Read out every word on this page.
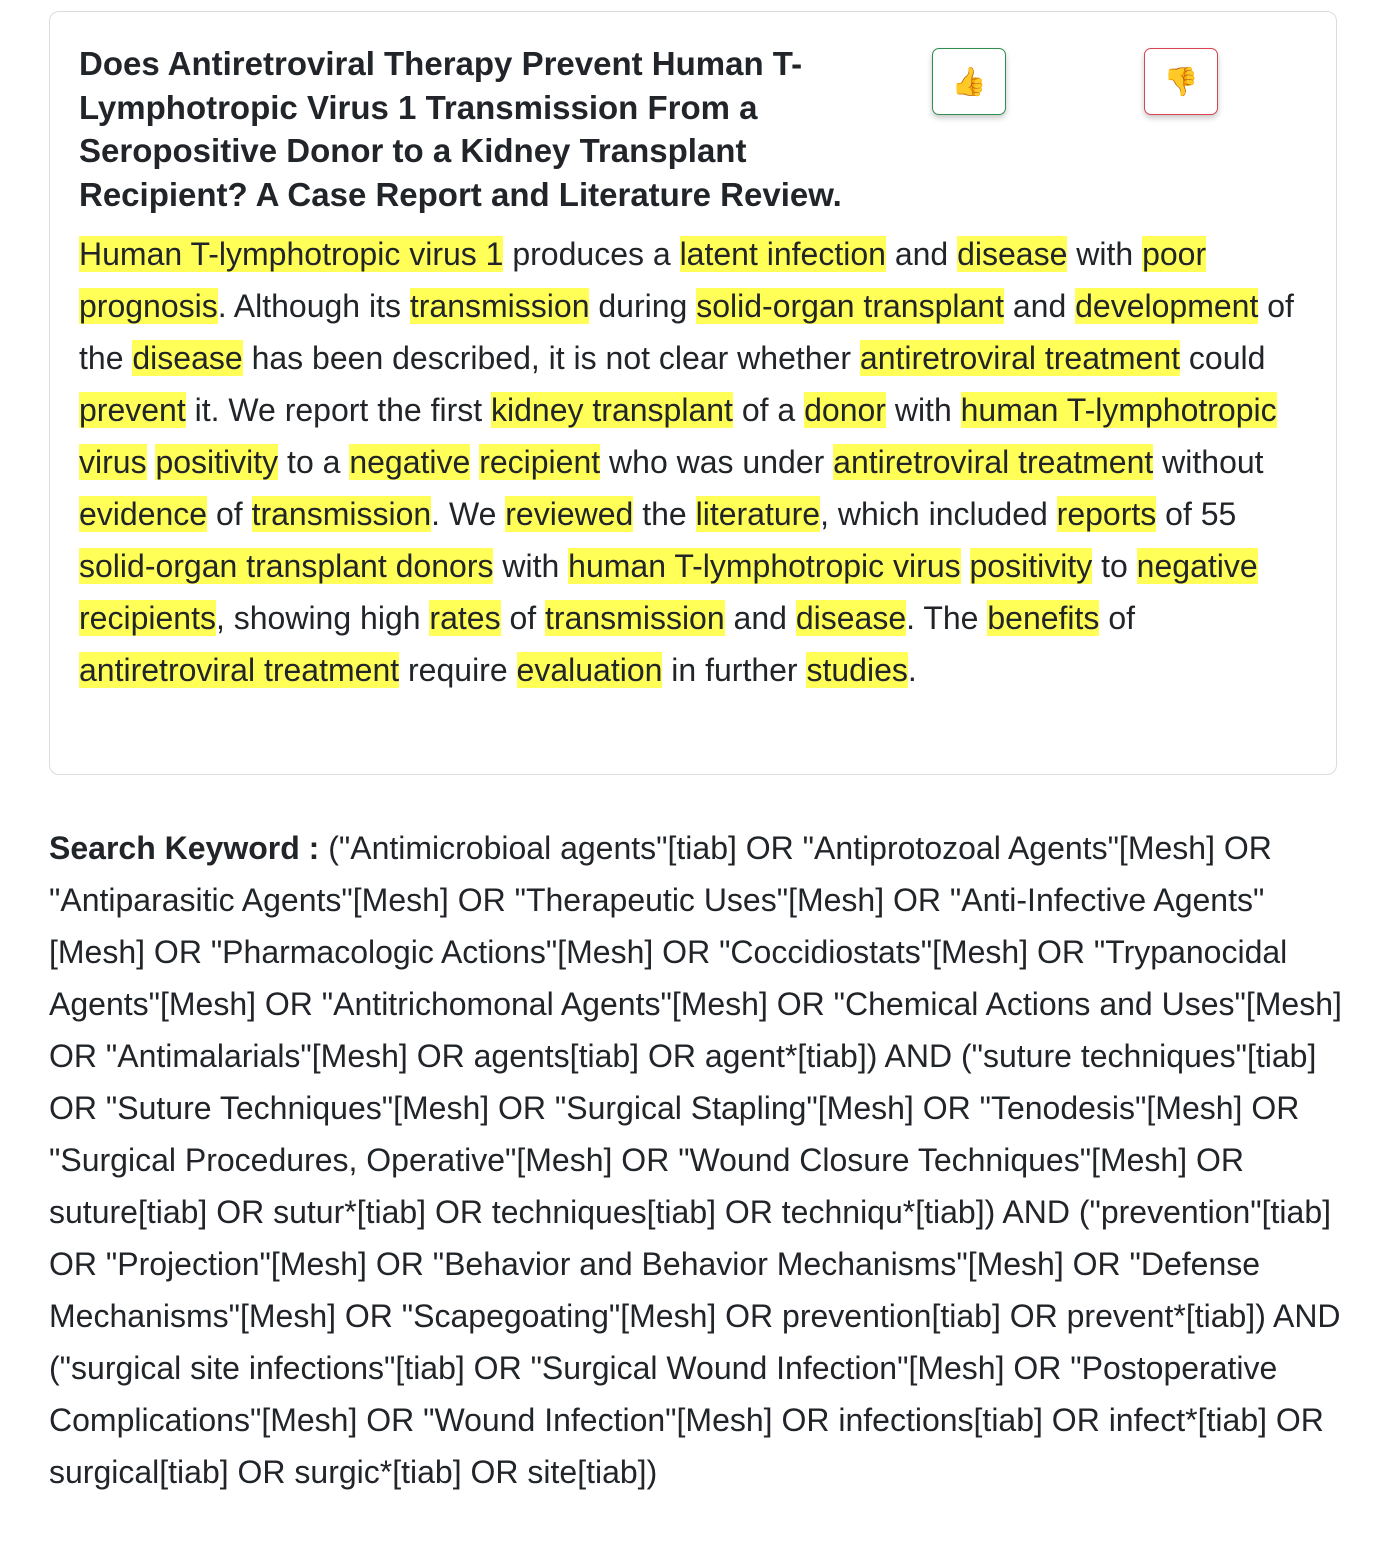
Does Antiretroviral Therapy Prevent Human T-Lymphotropic Virus 1 Transmission From a Seropositive Donor to a Kidney Transplant Recipient? A Case Report and Literature Review.
👍	👎

Human T-lymphotropic virus 1 produces a latent infection and disease with poor prognosis. Although its transmission during solid-organ transplant and development of the disease has been described, it is not clear whether antiretroviral treatment could prevent it. We report the first kidney transplant of a donor with human T-lymphotropic virus positivity to a negative recipient who was under antiretroviral treatment without evidence of transmission. We reviewed the literature, which included reports of 55 solid-organ transplant donors with human T-lymphotropic virus positivity to negative recipients, showing high rates of transmission and disease. The benefits of antiretroviral treatment require evaluation in further studies.

Search Keyword : ("Antimicrobioal agents"[tiab] OR "Antiprotozoal Agents"[Mesh] OR "Antiparasitic Agents"[Mesh] OR "Therapeutic Uses"[Mesh] OR "Anti-Infective Agents"[Mesh] OR "Pharmacologic Actions"[Mesh] OR "Coccidiostats"[Mesh] OR "Trypanocidal Agents"[Mesh] OR "Antitrichomonal Agents"[Mesh] OR "Chemical Actions and Uses"[Mesh] OR "Antimalarials"[Mesh] OR agents[tiab] OR agent*[tiab]) AND ("suture techniques"[tiab] OR "Suture Techniques"[Mesh] OR "Surgical Stapling"[Mesh] OR "Tenodesis"[Mesh] OR "Surgical Procedures, Operative"[Mesh] OR "Wound Closure Techniques"[Mesh] OR suture[tiab] OR sutur*[tiab] OR techniques[tiab] OR techniqu*[tiab]) AND ("prevention"[tiab] OR "Projection"[Mesh] OR "Behavior and Behavior Mechanisms"[Mesh] OR "Defense Mechanisms"[Mesh] OR "Scapegoating"[Mesh] OR prevention[tiab] OR prevent*[tiab]) AND ("surgical site infections"[tiab] OR "Surgical Wound Infection"[Mesh] OR "Postoperative Complications"[Mesh] OR "Wound Infection"[Mesh] OR infections[tiab] OR infect*[tiab] OR surgical[tiab] OR surgic*[tiab] OR site[tiab])
